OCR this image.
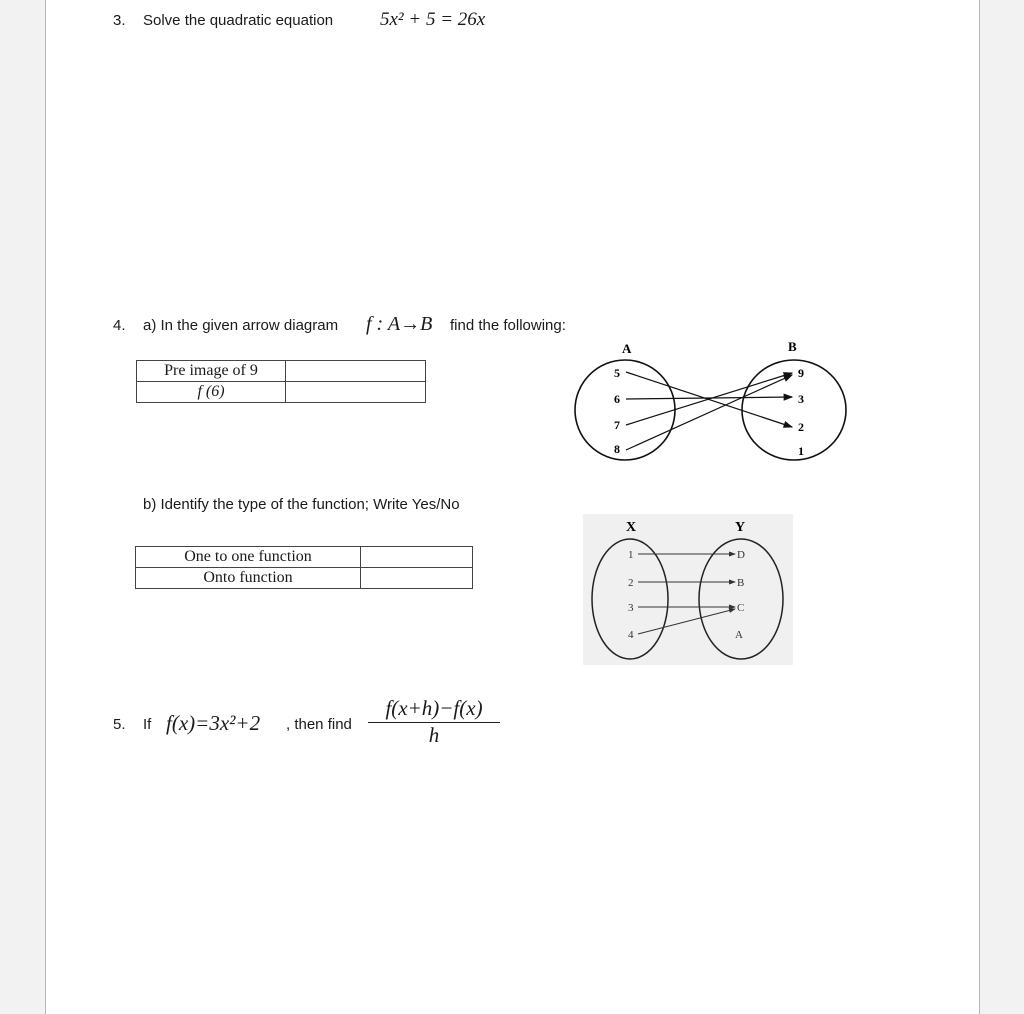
3. Solve the quadratic equation 5x² + 5 = 26x
4. a) In the given arrow diagram f : A→B find the following:
Pre image of 9	
f (6)	
A	B
5
6
7
8
9
3
2
1
b) Identify the type of the function; Write Yes/No
One to one function	
Onto function	
X	Y
1
2
3
4
D
B
C
A
5. If f(x)=3x²+2 , then find $\frac{f(x+h)-f(x)}{h}$
